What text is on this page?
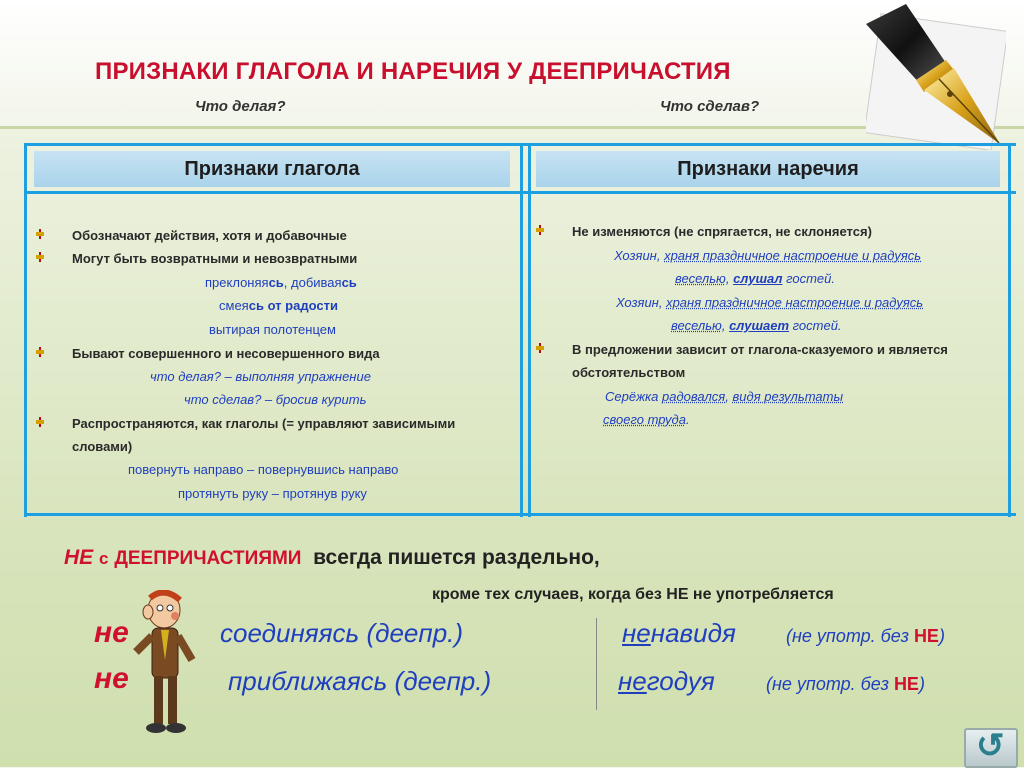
ПРИЗНАКИ ГЛАГОЛА И НАРЕЧИЯ У ДЕЕПРИЧАСТИЯ
Что делая?	Что сделав?
Признаки глагола	Признаки наречия
Обозначают действия, хотя и добавочные
Могут быть возвратными и невозвратными
преклоняясь, добиваясь
смеясь от радости
вытирая полотенцем
Бывают совершенного и несовершенного вида
что делая? – выполняя упражнение
что сделав? – бросив курить
Распространяются, как глаголы (= управляют зависимыми словами)
повернуть направо – повернувшись направо
протянуть руку – протянув руку
Не изменяются (не спрягается, не склоняется)
Хозяин, храня праздничное настроение и радуясь
веселью, слушал гостей.
Хозяин, храня праздничное настроение и радуясь
веселью, слушает гостей.
В предложении зависит от глагола-сказуемого и является обстоятельством
Серёжка радовался, видя результаты
своего труда.
НЕ с ДЕЕПРИЧАСТИЯМИ всегда пишется раздельно,
кроме тех случаев, когда без НЕ не употребляется
не	соединяясь (деепр.)
не	приближаясь (деепр.)
ненавидя	(не употр. без НЕ)
негодуя	(не употр. без НЕ)
↺
